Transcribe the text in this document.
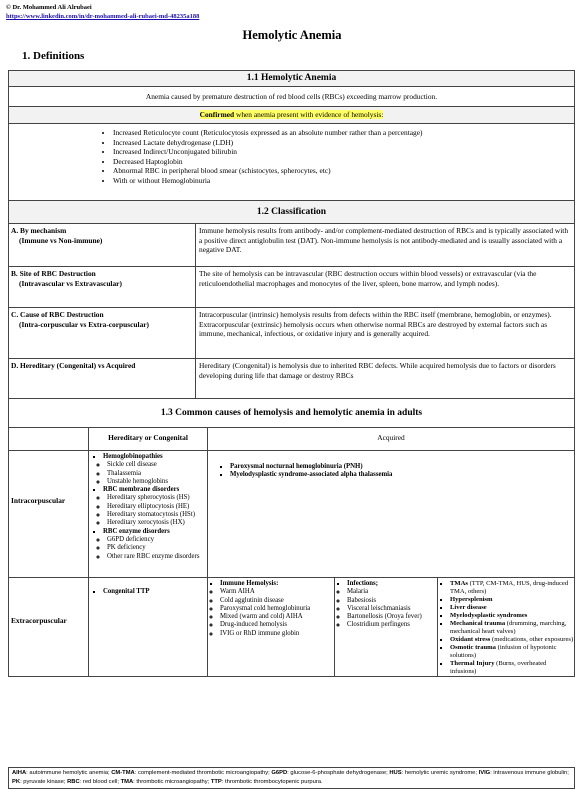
© Dr. Mohammed Ali Alrubaei
https://www.linkedin.com/in/dr-mohammed-ali-rubaei-md-48235a188
Hemolytic Anemia
1. Definitions
1.1 Hemolytic Anemia
Anemia caused by premature destruction of red blood cells (RBCs) exceeding marrow production.
Confirmed when anemia present with evidence of hemolysis:
• Increased Reticulocyte count (Reticulocytosis expressed as an absolute number rather than a percentage)
• Increased Lactate dehydrogenase (LDH)
• Increased Indirect/Unconjugated bilirubin
• Decreased Haptoglobin
• Abnormal RBC in peripheral blood smear (schistocytes, spherocytes, etc)
• With or without Hemoglobinuria
1.2 Classification
A. By mechanism
(Immune vs Non-immune)
Immune hemolysis results from antibody- and/or complement-mediated destruction of RBCs and is typically associated with a positive direct antiglobulin test (DAT). Non-immune hemolysis is not antibody-mediated and is usually associated with a negative DAT.
B. Site of RBC Destruction
(Intravascular vs Extravascular)
The site of hemolysis can be intravascular (RBC destruction occurs within blood vessels) or extravascular (via the reticuloendothelial macrophages and monocytes of the liver, spleen, bone marrow, and lymph nodes).
C. Cause of RBC Destruction
(Intra-corpuscular vs Extra-corpuscular)
Intracorpuscular (intrinsic) hemolysis results from defects within the RBC itself (membrane, hemoglobin, or enzymes). Extracorpuscular (extrinsic) hemolysis occurs when otherwise normal RBCs are destroyed by external factors such as immune, mechanical, infectious, or oxidative injury and is generally acquired.
D. Hereditary (Congenital) vs Acquired	Hereditary (Congenital) is hemolysis due to inherited RBC defects. While acquired hemolysis due to factors or disorders developing during life that damage or destroy RBCs
1.3 Common causes of hemolysis and hemolytic anemia in adults
Hereditary or Congenital	Acquired
Intracorpuscular
▪ Hemoglobinopathies
◦ Sickle cell disease
◦ Thalassemia
◦ Unstable hemoglobins
▪ RBC membrane disorders
◦ Hereditary spherocytosis (HS)
◦ Hereditary elliptocytosis (HE)
◦ Hereditary stomatocytosis (HSt)
◦ Hereditary xerocytosis (HX)
▪ RBC enzyme disorders
◦ G6PD deficiency
◦ PK deficiency
◦ Other rare RBC enzyme disorders
▪ Paroxysmal nocturnal hemoglobinuria (PNH)
▪ Myelodysplastic syndrome-associated alpha thalassemia
Extracorpuscular
▪ Congenital TTP
▪ Immune Hemolysis:
◦ Warm AIHA
◦ Cold agglutinin disease
◦ Paroxysmal cold hemoglobinuria
◦ Mixed (warm and cold) AIHA
◦ Drug-induced hemolysis
◦ IVIG or RhD immune globin
▪ Infections;
◦ Malaria
◦ Babesiosis
◦ Visceral leischmaniasis
◦ Bartonellosis (Oroya fever)
◦ Clostridium perfingens
▪ TMAs (TTP, CM-TMA, HUS, drug-induced TMA, others)
▪ Hypersplenism
▪ Liver disease
▪ Myelodysplastic syndromes
▪ Mechanical trauma (drumming, marching, mechanical heart valves)
▪ Oxidant stress (medications, other exposures)
▪ Osmotic trauma (infusion of hypotonic solutions)
▪ Thermal Injury (Burns, overheated infusions)
AIHA: autoimmune hemolytic anemia; CM-TMA: complement-mediated thrombotic microangiopathy; G6PD: glucose-6-phosphate dehydrogenase; HUS: hemolytic uremic syndrome; IVIG: intravenous immune globulin; PK: pyruvate kinase; RBC: red blood cell; TMA: thrombotic microangiopathy; TTP: thrombotic thrombocytopenic purpura.
